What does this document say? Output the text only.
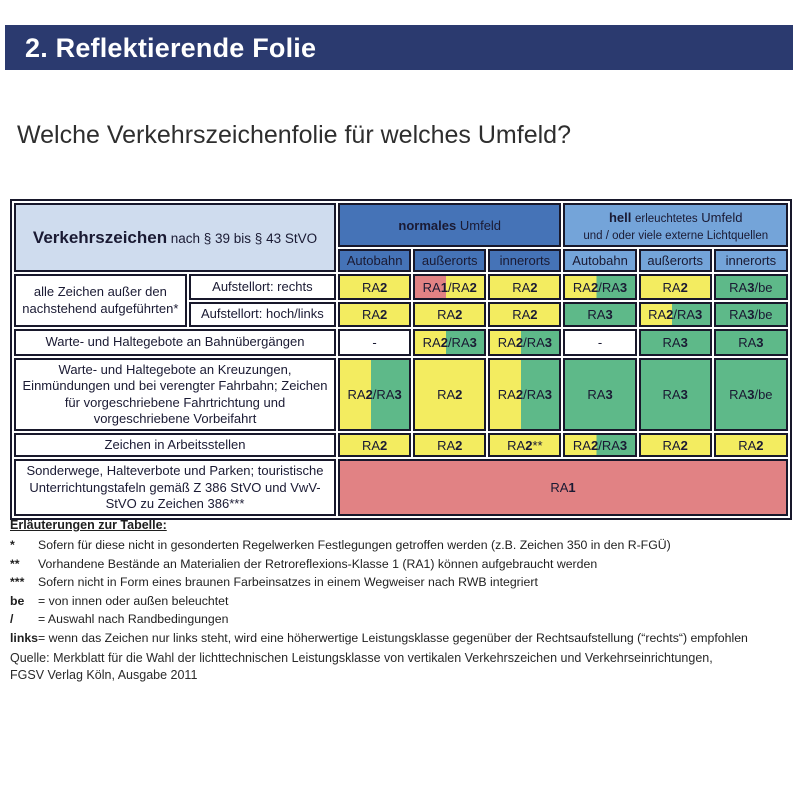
2. Reflektierende Folie
Welche Verkehrszeichenfolie für welches Umfeld?
Verkehrszeichen nach § 39 bis § 43 StVO		normales Umfeld			hell erleuchtetes Umfeld
und / oder viele externe Lichtquellen		

		Autobahn	außerorts	innerorts	Autobahn	außerorts	innerorts
alle Zeichen außer den nachstehend aufgeführten*	Aufstellort: rechts	RA2	RA1/RA2	RA2	RA2/RA3	RA2	RA3/be
	Aufstellort: hoch/links	RA2	RA2	RA2	RA3	RA2/RA3	RA3/be
Warte- und Haltegebote an Bahnübergängen		-	RA2/RA3	RA2/RA3	-	RA3	RA3
Warte- und Haltegebote an Kreuzungen, Einmündungen und bei verengter Fahrbahn; Zeichen für vorgeschriebene Fahrtrichtung und vorgeschriebene Vorbeifahrt		RA2/RA3	RA2	RA2/RA3	RA3	RA3	RA3/be
Zeichen in Arbeitsstellen		RA2	RA2	RA2**	RA2/RA3	RA2	RA2
Sonderwege, Halteverbote und Parken; touristische Unterrichtungstafeln gemäß Z 386 StVO und VwV-StVO zu Zeichen 386***		RA1					
Erläuterungen zur Tabelle:
*	Sofern für diese nicht in gesonderten Regelwerken Festlegungen getroffen werden (z.B. Zeichen 350 in den R-FGÜ)
**	Vorhandene Bestände an Materialien der Retroreflexions-Klasse 1 (RA1) können aufgebraucht werden
***	Sofern nicht in Form eines braunen Farbeinsatzes in einem Wegweiser nach RWB integriert
be	= von innen oder außen beleuchtet
/	= Auswahl nach Randbedingungen
links = wenn das Zeichen nur links steht, wird eine höherwertige Leistungsklasse gegenüber der Rechtsaufstellung (“rechts“) empfohlen
Quelle: Merkblatt für die Wahl der lichttechnischen Leistungsklasse von vertikalen Verkehrszeichen und Verkehrseinrichtungen,
FGSV Verlag Köln, Ausgabe 2011
